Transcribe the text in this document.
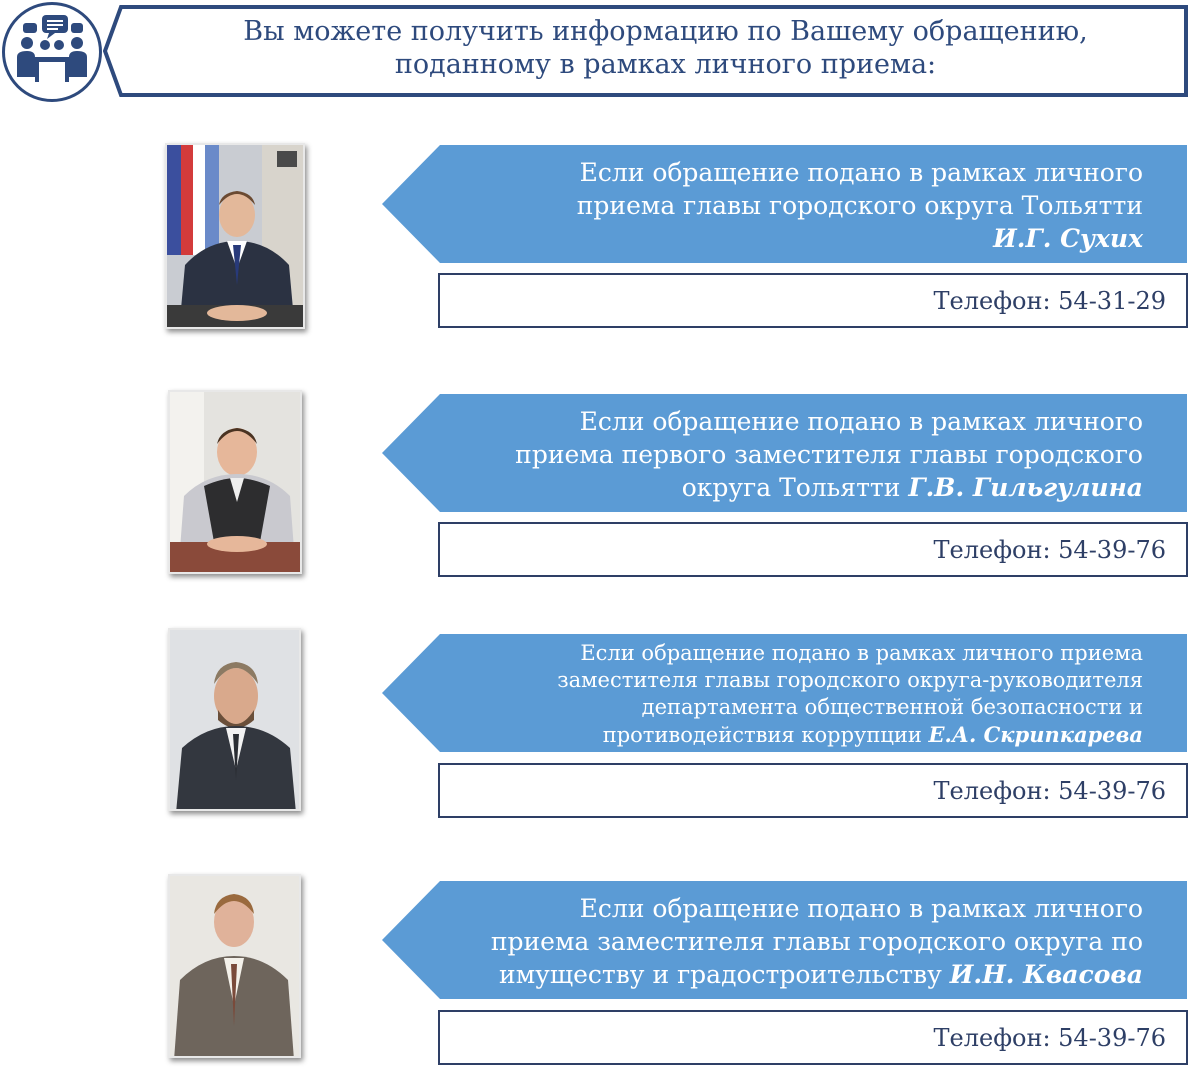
Вы можете получить информацию по Вашему обращению,
поданному в рамках личного приема:
Если обращение подано в рамках личного
приема главы городского округа Тольятти
И.Г. Сухих
Телефон: 54-31-29
Если обращение подано в рамках личного
приема первого заместителя главы городского
округа Тольятти Г.В. Гильгулина
Телефон: 54-39-76
Если обращение подано в рамках личного приема
заместителя главы городского округа-руководителя
департамента общественной безопасности и
противодействия коррупции Е.А. Скрипкарева
Телефон: 54-39-76
Если обращение подано в рамках личного
приема заместителя главы городского округа по
имуществу и градостроительству И.Н. Квасова
Телефон: 54-39-76
